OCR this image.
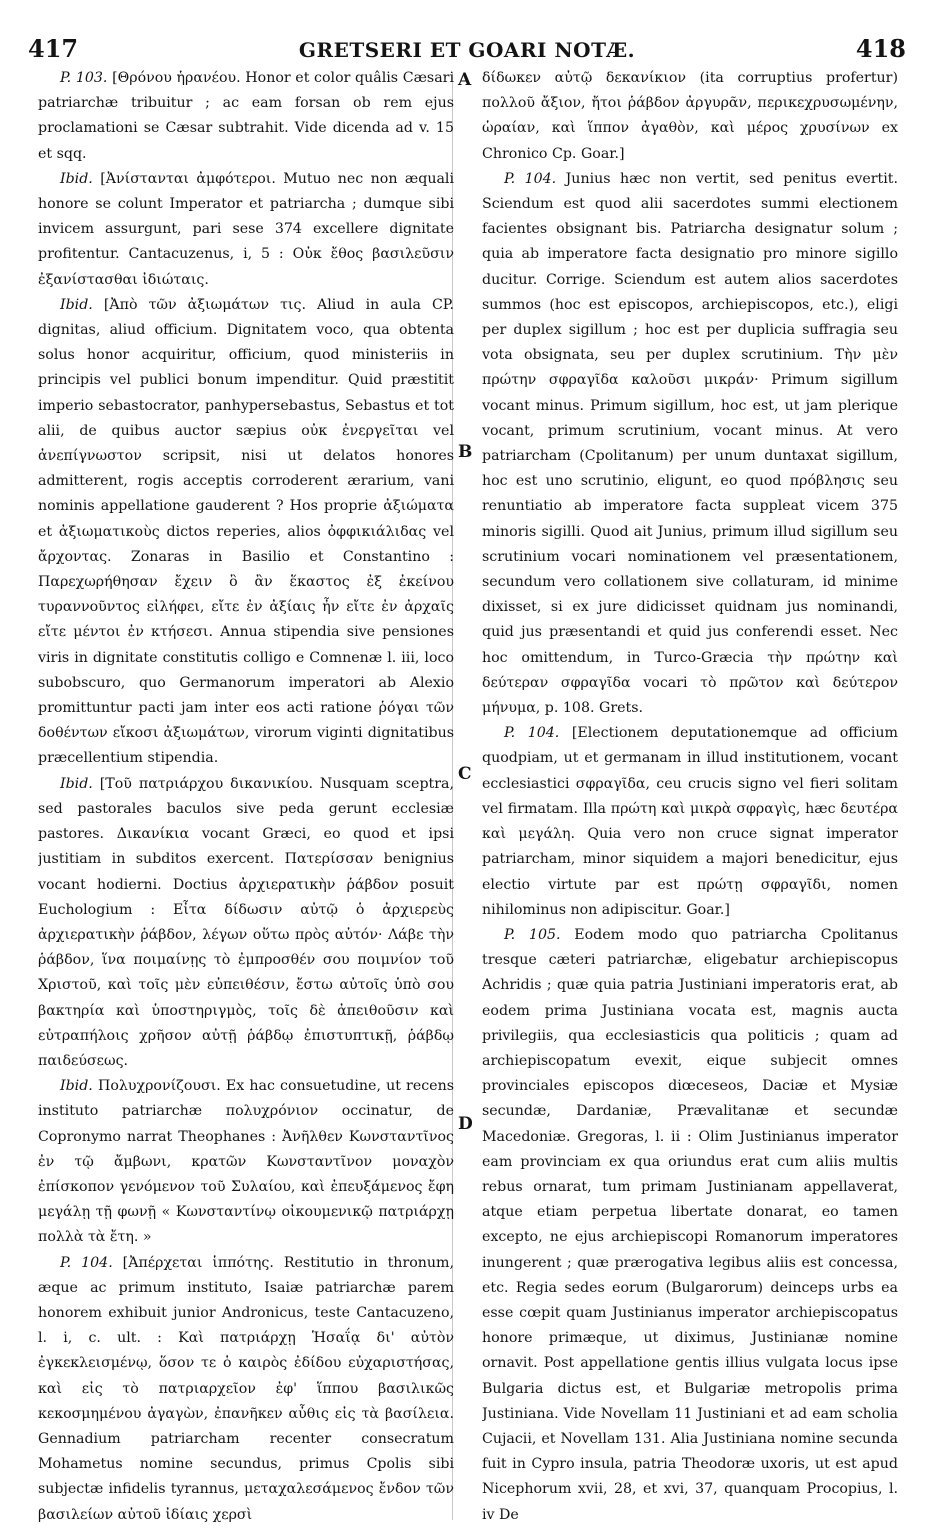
417	GRETSERI ET GOARI NOTÆ.	418
A
B
C
D

P. 103. [Θρόνου ἡρανέου. Honor et color quâlis Cæsari patriarchæ tribuitur ; ac eam forsan ob rem ejus proclamationi se Cæsar subtrahit. Vide dicenda ad v. 15 et sqq.

Ibid. [Ἀνίστανται ἀμφότεροι. Mutuo nec non æquali honore se colunt Imperator et patriarcha ; dumque sibi invicem assurgunt, pari sese 374 excellere dignitate profitentur. Cantacuzenus, i, 5 : Οὐκ ἔθος βασιλεῦσιν ἐξανίστασθαι ἰδιώταις.

Ibid. [Ἀπὸ τῶν ἀξιωμάτων τις. Aliud in aula CP. dignitas, aliud officium. Dignitatem voco, qua obtenta solus honor acquiritur, officium, quod ministeriis in principis vel publici bonum impenditur. Quid præstitit imperio sebastocrator, panhypersebastus, Sebastus et tot alii, de quibus auctor sæpius οὐκ ἐνεργεῖται vel ἀνεπίγνωστον scripsit, nisi ut delatos honores admitterent, rogis acceptis corroderent ærarium, vani nominis appellatione gauderent ? Hos proprie ἀξιώματα et ἀξιωματικοὺς dictos reperies, alios ὀφφικιάλιδας vel ἄρχοντας. Zonaras in Basilio et Constantino : Παρεχωρήθησαν ἔχειν ὃ ἂν ἕκαστος ἐξ ἐκείνου τυραννοῦντος εἰλήφει, εἴτε ἐν ἀξίαις ἦν εἴτε ἐν ἀρχαῖς εἴτε μέντοι ἐν κτήσεσι. Annua stipendia sive pensiones viris in dignitate constitutis colligo e Comnenæ l. iii, loco subobscuro, quo Germanorum imperatori ab Alexio promittuntur pacti jam inter eos acti ratione ῥόγαι τῶν δοθέντων εἴκοσι ἀξιωμάτων, virorum viginti dignitatibus præcellentium stipendia.

Ibid. [Τοῦ πατριάρχου δικανικίου. Nusquam sceptra, sed pastorales baculos sive peda gerunt ecclesiæ pastores. Δικανίκια vocant Græci, eo quod et ipsi justitiam in subditos exercent. Πατερίσσαν benignius vocant hodierni. Doctius ἀρχιερατικὴν ῥάβδον posuit Euchologium : Εἶτα δίδωσιν αὐτῷ ὁ ἀρχιερεὺς ἀρχιερατικὴν ῥάβδον, λέγων οὕτω πρὸς αὐτόν· Λάβε τὴν ῥάβδον, ἵνα ποιμαίνῃς τὸ ἐμπροσθέν σου ποιμνίον τοῦ Χριστοῦ, καὶ τοῖς μὲν εὐπειθέσιν, ἔστω αὐτοῖς ὑπὸ σου βακτηρία καὶ ὑποστηριγμὸς, τοῖς δὲ ἀπειθοῦσιν καὶ εὐτραπήλοις χρῆσον αὐτῇ ῥάβδῳ ἐπιστυπτικῇ, ῥάβδῳ παιδεύσεως.

Ibid. Πολυχρονίζουσι. Ex hac consuetudine, ut recens instituto patriarchæ πολυχρόνιον occinatur, de Copronymo narrat Theophanes : Ἀνῆλθεν Κωνσταντῖνος ἐν τῷ ἄμβωνι, κρατῶν Κωνσταντῖνον μοναχὸν ἐπίσκοπον γενόμενον τοῦ Συλαίου, καὶ ἐπευξάμενος ἔφη μεγάλῃ τῇ φωνῇ « Κωνσταντίνῳ οἰκουμενικῷ πατριάρχῃ πολλὰ τὰ ἔτη. »

P. 104. [Ἀπέρχεται ἱππότης. Restitutio in thronum, æque ac primum instituto, Isaiæ patriarchæ parem honorem exhibuit junior Andronicus, teste Cantacuzeno, l. i, c. ult. : Καὶ πατριάρχῃ Ἡσαΐᾳ δι' αὐτὸν ἐγκεκλεισμένῳ, ὅσον τε ὁ καιρὸς ἐδίδου εὐχαριστήσας, καὶ εἰς τὸ πατριαρχεῖον ἐφ' ἵππου βασιλικῶς κεκοσμημένου ἀγαγὼν, ἐπανῆκεν αὖθις εἰς τὰ βασίλεια. Gennadium patriarcham recenter consecratum Mohametus nomine secundus, primus Cpolis sibi subjectæ infidelis tyrannus, μεταχαλεσάμενος ἔνδον τῶν βασιλείων αὐτοῦ ἰδίαις χερσὶ

δίδωκεν αὐτῷ δεκανίκιον (ita corruptius profertur) πολλοῦ ἄξιον, ἤτοι ῥάβδον ἀργυρᾶν, περικεχρυσωμένην, ὡραίαν, καὶ ἵππον ἀγαθὸν, καὶ μέρος χρυσίνων ex Chronico Cp. Goar.]

P. 104. Junius hæc non vertit, sed penitus evertit. Sciendum est quod alii sacerdotes summi electionem facientes obsignant bis. Patriarcha designatur solum ; quia ab imperatore facta designatio pro minore sigillo ducitur. Corrige. Sciendum est autem alios sacerdotes summos (hoc est episcopos, archiepiscopos, etc.), eligi per duplex sigillum ; hoc est per duplicia suffragia seu vota obsignata, seu per duplex scrutinium. Τὴν μὲν πρώτην σφραγῖδα καλοῦσι μικράν· Primum sigillum vocant minus. Primum sigillum, hoc est, ut jam plerique vocant, primum scrutinium, vocant minus. At vero patriarcham (Cpolitanum) per unum duntaxat sigillum, hoc est uno scrutinio, eligunt, eo quod πρόβλησις seu renuntiatio ab imperatore facta suppleat vicem 375 minoris sigilli. Quod ait Junius, primum illud sigillum seu scrutinium vocari nominationem vel præsentationem, secundum vero collationem sive collaturam, id minime dixisset, si ex jure didicisset quidnam jus nominandi, quid jus præsentandi et quid jus conferendi esset. Nec hoc omittendum, in Turco-Græcia τὴν πρώτην καὶ δεύτεραν σφραγῖδα vocari τὸ πρῶτον καὶ δεύτερον μήνυμα, p. 108. Grets.

P. 104. [Electionem deputationemque ad officium quodpiam, ut et germanam in illud institutionem, vocant ecclesiastici σφραγῖδα, ceu crucis signo vel fieri solitam vel firmatam. Illa πρώτη καὶ μικρὰ σφραγὶς, hæc δευτέρα καὶ μεγάλη. Quia vero non cruce signat imperator patriarcham, minor siquidem a majori benedicitur, ejus electio virtute par est πρώτῃ σφραγῖδι, nomen nihilominus non adipiscitur. Goar.]

P. 105. Eodem modo quo patriarcha Cpolitanus tresque cæteri patriarchæ, eligebatur archiepiscopus Achridis ; quæ quia patria Justiniani imperatoris erat, ab eodem prima Justiniana vocata est, magnis aucta privilegiis, qua ecclesiasticis qua politicis ; quam ad archiepiscopatum evexit, eique subjecit omnes provinciales episcopos diœceseos, Daciæ et Mysiæ secundæ, Dardaniæ, Prævalitanæ et secundæ Macedoniæ. Gregoras, l. ii : Olim Justinianus imperator eam provinciam ex qua oriundus erat cum aliis multis rebus ornarat, tum primam Justinianam appellaverat, atque etiam perpetua libertate donarat, eo tamen excepto, ne ejus archiepiscopi Romanorum imperatores inungerent ; quæ prærogativa legibus aliis est concessa, etc. Regia sedes eorum (Bulgarorum) deinceps urbs ea esse cœpit quam Justinianus imperator archiepiscopatus honore primæque, ut diximus, Justinianæ nomine ornavit. Post appellatione gentis illius vulgata locus ipse Bulgaria dictus est, et Bulgariæ metropolis prima Justiniana. Vide Novellam 11 Justiniani et ad eam scholia Cujacii, et Novellam 131. Alia Justiniana nomine secunda fuit in Cypro insula, patria Theodoræ uxoris, ut est apud Nicephorum xvii, 28, et xvi, 37, quanquam Procopius, l. iv De
